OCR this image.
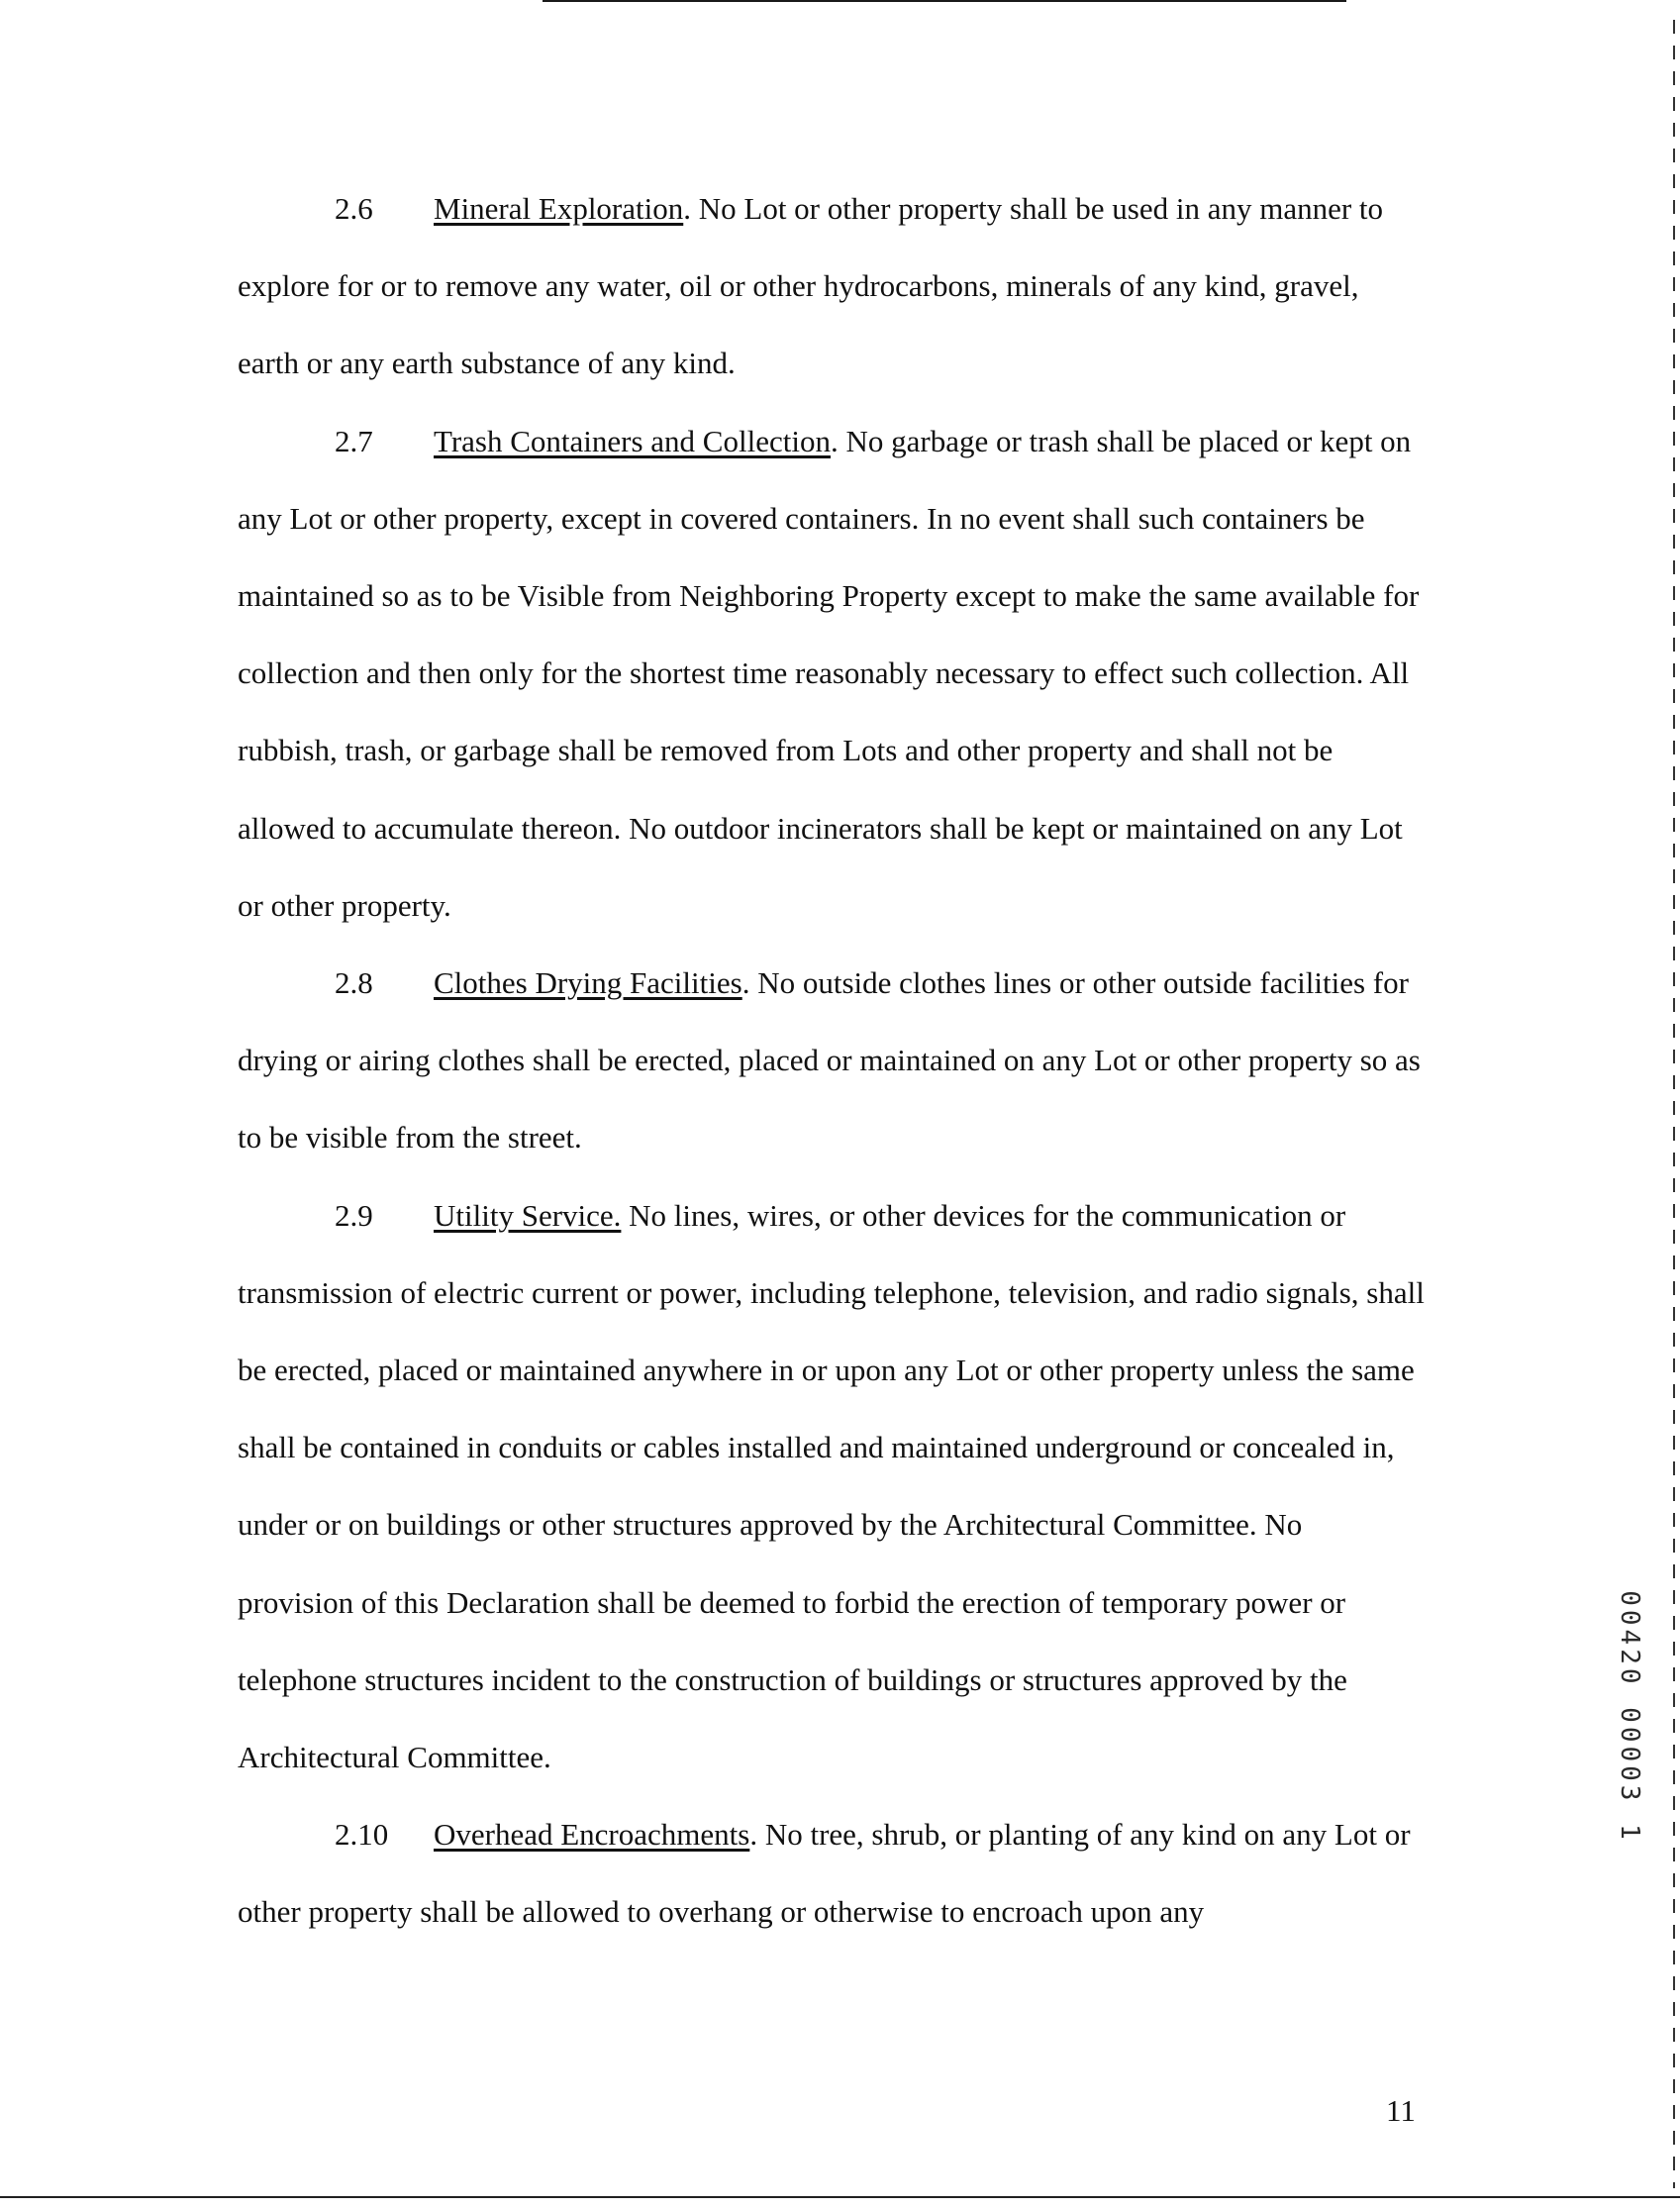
2.6 Mineral Exploration. No Lot or other property shall be used in any manner to explore for or to remove any water, oil or other hydrocarbons, minerals of any kind, gravel, earth or any earth substance of any kind.

2.7 Trash Containers and Collection. No garbage or trash shall be placed or kept on any Lot or other property, except in covered containers. In no event shall such containers be maintained so as to be Visible from Neighboring Property except to make the same available for collection and then only for the shortest time reasonably necessary to effect such collection. All rubbish, trash, or garbage shall be removed from Lots and other property and shall not be allowed to accumulate thereon. No outdoor incinerators shall be kept or maintained on any Lot or other property.

2.8 Clothes Drying Facilities. No outside clothes lines or other outside facilities for drying or airing clothes shall be erected, placed or maintained on any Lot or other property so as to be visible from the street.

2.9 Utility Service. No lines, wires, or other devices for the communication or transmission of electric current or power, including telephone, television, and radio signals, shall be erected, placed or maintained anywhere in or upon any Lot or other property unless the same shall be contained in conduits or cables installed and maintained underground or concealed in, under or on buildings or other structures approved by the Architectural Committee. No provision of this Declaration shall be deemed to forbid the erection of temporary power or telephone structures incident to the construction of buildings or structures approved by the Architectural Committee.

2.10 Overhead Encroachments. No tree, shrub, or planting of any kind on any Lot or other property shall be allowed to overhang or otherwise to encroach upon any

00420 00003 1
11
